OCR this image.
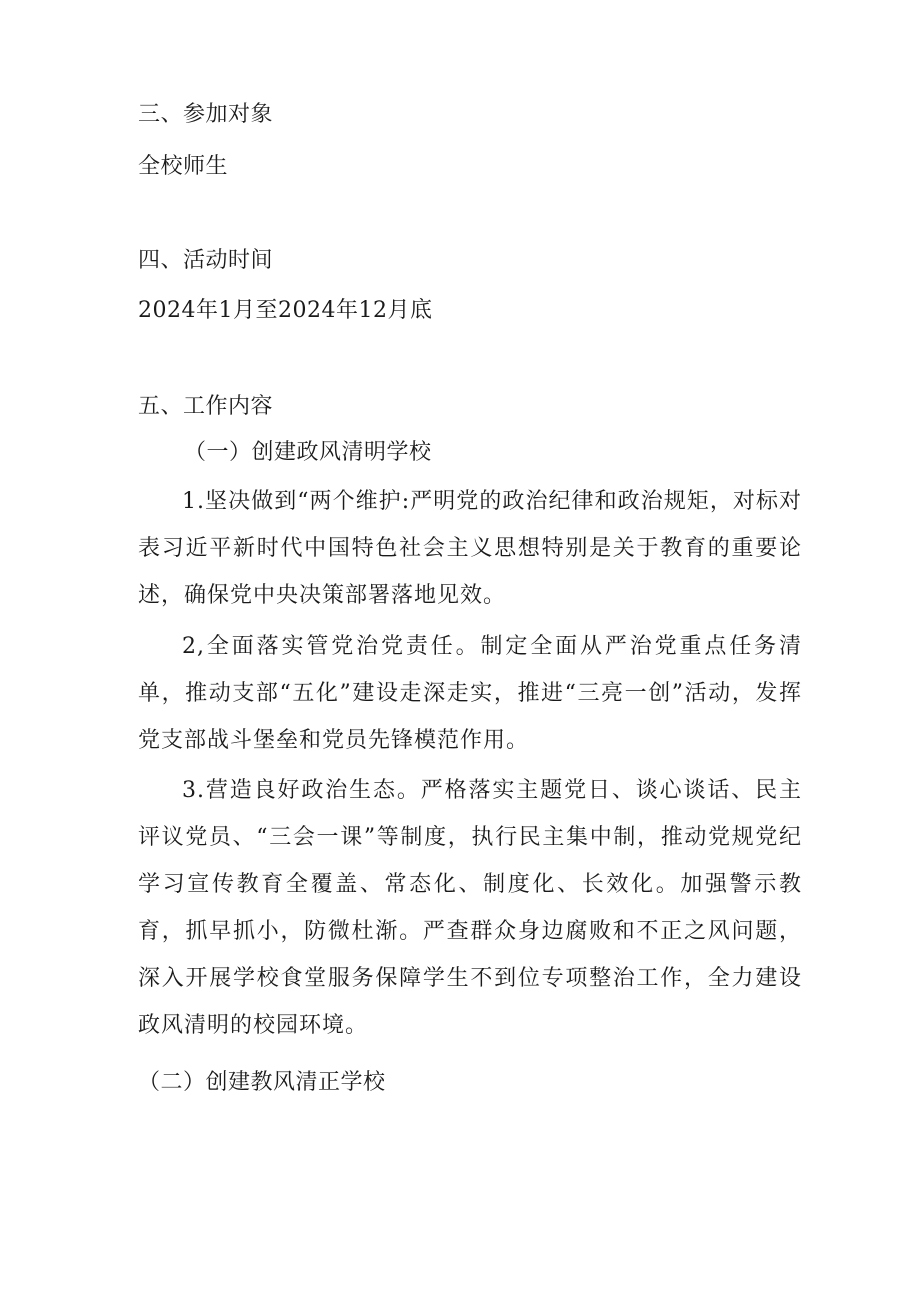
三、参加对象
全校师生
四、活动时间
2024年1月至2024年12月底
五、工作内容
（一）创建政风清明学校
1.坚决做到“两个维护:严明党的政治纪律和政治规矩，对标对表习近平新时代中国特色社会主义思想特别是关于教育的重要论述，确保党中央决策部署落地见效。
2,全面落实管党治党责任。制定全面从严治党重点任务清单，推动支部“五化”建设走深走实，推进“三亮一创”活动，发挥党支部战斗堡垒和党员先锋模范作用。
3.营造良好政治生态。严格落实主题党日、谈心谈话、民主评议党员、“三会一课”等制度，执行民主集中制，推动党规党纪学习宣传教育全覆盖、常态化、制度化、长效化。加强警示教育，抓早抓小，防微杜渐。严查群众身边腐败和不正之风问题，深入开展学校食堂服务保障学生不到位专项整治工作，全力建设政风清明的校园环境。
（二）创建教风清正学校
